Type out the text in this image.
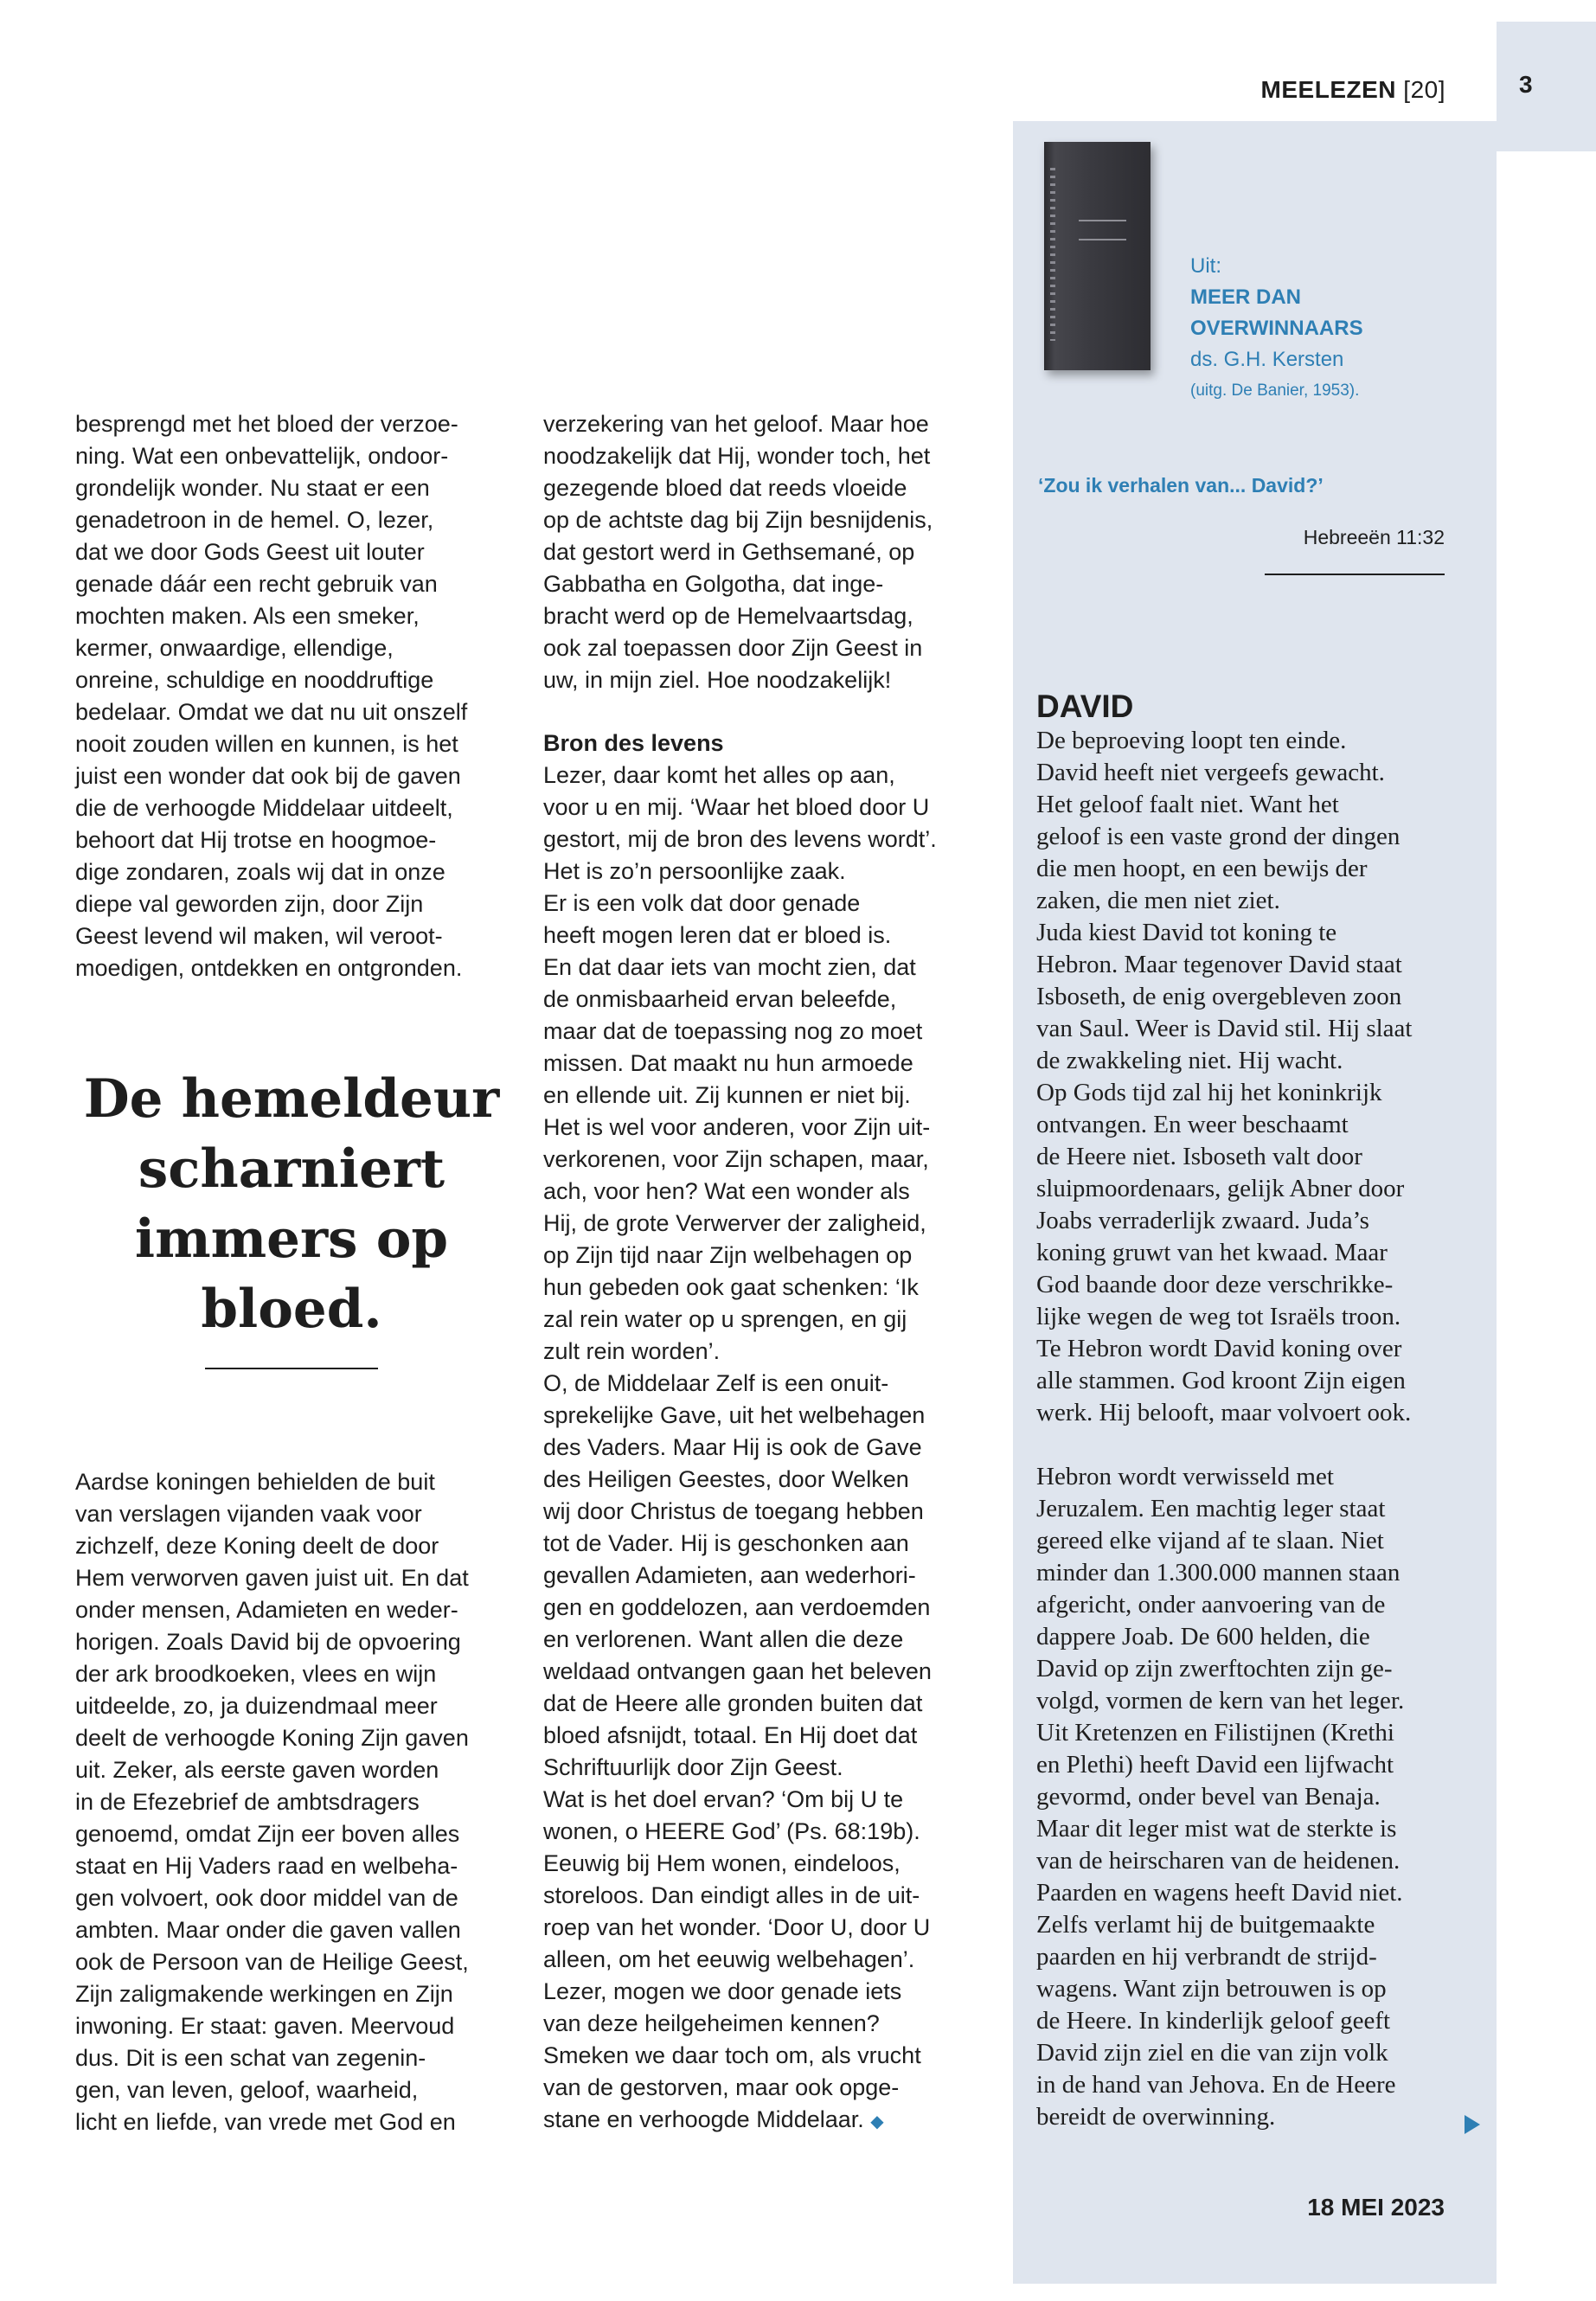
3
MEELEZEN [20]
Uit:
MEER DAN OVERWINNAARS
ds. G.H. Kersten
(uitg. De Banier, 1953).

besprengd met het bloed der verzoe-
ning. Wat een onbevattelijk, ondoor-
grondelijk wonder. Nu staat er een
genadetroon in de hemel. O, lezer,
dat we door Gods Geest uit louter
genade dáár een recht gebruik van
mochten maken. Als een smeker,
kermer, onwaardige, ellendige,
onreine, schuldige en nooddruftige
bedelaar. Omdat we dat nu uit onszelf
nooit zouden willen en kunnen, is het
juist een wonder dat ook bij de gaven
die de verhoogde Middelaar uitdeelt,
behoort dat Hij trotse en hoogmoe-
dige zondaren, zoals wij dat in onze
diepe val geworden zijn, door Zijn
Geest levend wil maken, wil veroot-
moedigen, ontdekken en ontgronden.

De hemeldeur scharniert immers op bloed.

Aardse koningen behielden de buit
van verslagen vijanden vaak voor
zichzelf, deze Koning deelt de door
Hem verworven gaven juist uit. En dat
onder mensen, Adamieten en weder-
horigen. Zoals David bij de opvoering
der ark broodkoeken, vlees en wijn
uitdeelde, zo, ja duizendmaal meer
deelt de verhoogde Koning Zijn gaven
uit. Zeker, als eerste gaven worden
in de Efezebrief de ambtsdragers
genoemd, omdat Zijn eer boven alles
staat en Hij Vaders raad en welbeha-
gen volvoert, ook door middel van de
ambten. Maar onder die gaven vallen
ook de Persoon van de Heilige Geest,
Zijn zaligmakende werkingen en Zijn
inwoning. Er staat: gaven. Meervoud
dus. Dit is een schat van zegenin-
gen, van leven, geloof, waarheid,
licht en liefde, van vrede met God en

verzekering van het geloof. Maar hoe
noodzakelijk dat Hij, wonder toch, het
gezegende bloed dat reeds vloeide
op de achtste dag bij Zijn besnijdenis,
dat gestort werd in Gethsemané, op
Gabbatha en Golgotha, dat inge-
bracht werd op de Hemelvaartsdag,
ook zal toepassen door Zijn Geest in
uw, in mijn ziel. Hoe noodzakelijk!

Bron des levens

Lezer, daar komt het alles op aan,
voor u en mij. ‘Waar het bloed door U
gestort, mij de bron des levens wordt’.
Het is zo’n persoonlijke zaak.
Er is een volk dat door genade
heeft mogen leren dat er bloed is.
En dat daar iets van mocht zien, dat
de onmisbaarheid ervan beleefde,
maar dat de toepassing nog zo moet
missen. Dat maakt nu hun armoede
en ellende uit. Zij kunnen er niet bij.
Het is wel voor anderen, voor Zijn uit-
verkorenen, voor Zijn schapen, maar,
ach, voor hen? Wat een wonder als
Hij, de grote Verwerver der zaligheid,
op Zijn tijd naar Zijn welbehagen op
hun gebeden ook gaat schenken: ‘Ik
zal rein water op u sprengen, en gij
zult rein worden’.
O, de Middelaar Zelf is een onuit-
sprekelijke Gave, uit het welbehagen
des Vaders. Maar Hij is ook de Gave
des Heiligen Geestes, door Welken
wij door Christus de toegang hebben
tot de Vader. Hij is geschonken aan
gevallen Adamieten, aan wederhori-
gen en goddelozen, aan verdoemden
en verlorenen. Want allen die deze
weldaad ontvangen gaan het beleven
dat de Heere alle gronden buiten dat
bloed afsnijdt, totaal. En Hij doet dat
Schriftuurlijk door Zijn Geest.
Wat is het doel ervan? ‘Om bij U te
wonen, o HEERE God’ (Ps. 68:19b).
Eeuwig bij Hem wonen, eindeloos,
storeloos. Dan eindigt alles in de uit-
roep van het wonder. ‘Door U, door U
alleen, om het eeuwig welbehagen’.
Lezer, mogen we door genade iets
van deze heilgeheimen kennen?
Smeken we daar toch om, als vrucht
van de gestorven, maar ook opge-
stane en verhoogde Middelaar. ◆

‘Zou ik verhalen van... David?’
Hebreeën 11:32
DAVID

De beproeving loopt ten einde.
David heeft niet vergeefs gewacht.
Het geloof faalt niet. Want het
geloof is een vaste grond der dingen
die men hoopt, en een bewijs der
zaken, die men niet ziet.
Juda kiest David tot koning te
Hebron. Maar tegenover David staat
Isboseth, de enig overgebleven zoon
van Saul. Weer is David stil. Hij slaat
de zwakkeling niet. Hij wacht.
Op Gods tijd zal hij het koninkrijk
ontvangen. En weer beschaamt
de Heere niet. Isboseth valt door
sluipmoordenaars, gelijk Abner door
Joabs verraderlijk zwaard. Juda’s
koning gruwt van het kwaad. Maar
God baande door deze verschrikke-
lijke wegen de weg tot Israëls troon.
Te Hebron wordt David koning over
alle stammen. God kroont Zijn eigen
werk. Hij belooft, maar volvoert ook.

Hebron wordt verwisseld met
Jeruzalem. Een machtig leger staat
gereed elke vijand af te slaan. Niet
minder dan 1.300.000 mannen staan
afgericht, onder aanvoering van de
dappere Joab. De 600 helden, die
David op zijn zwerftochten zijn ge-
volgd, vormen de kern van het leger.
Uit Kretenzen en Filistijnen (Krethi
en Plethi) heeft David een lijfwacht
gevormd, onder bevel van Benaja.
Maar dit leger mist wat de sterkte is
van de heirscharen van de heidenen.
Paarden en wagens heeft David niet.
Zelfs verlamt hij de buitgemaakte
paarden en hij verbrandt de strijd-
wagens. Want zijn betrouwen is op
de Heere. In kinderlijk geloof geeft
David zijn ziel en die van zijn volk
in de hand van Jehova. En de Heere
bereidt de overwinning.

18 MEI 2023
